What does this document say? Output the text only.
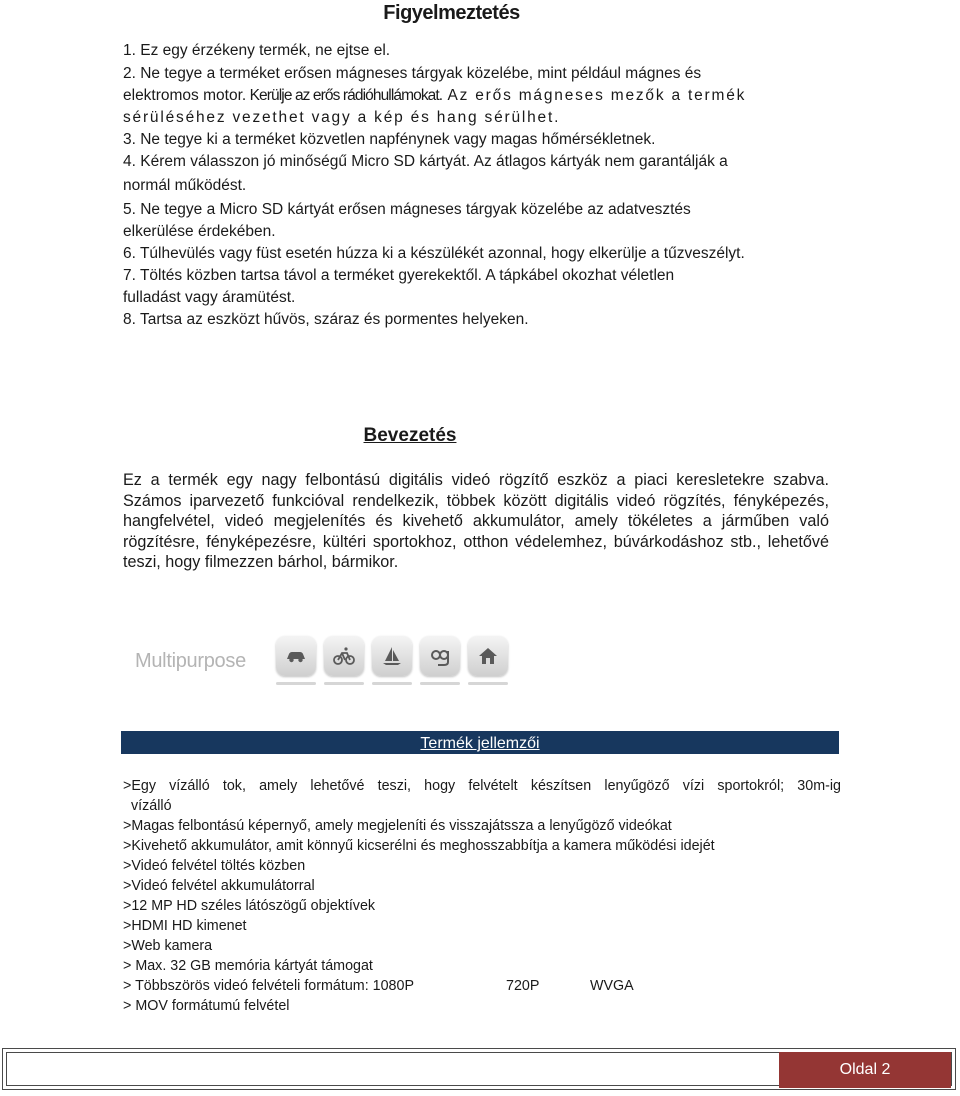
Figyelmeztetés

1. Ez egy érzékeny termék, ne ejtse el.

2. Ne tegye a terméket erősen mágneses tárgyak közelébe, mint például mágnes és

elektromos motor. Kerülje az erős rádióhullámokat. Az erős mágneses mezők a termék

sérüléséhez vezethet vagy a kép és hang sérülhet.

3. Ne tegye ki a terméket közvetlen napfénynek vagy magas hőmérsékletnek.

4. Kérem válasszon jó minőségű Micro SD kártyát. Az átlagos kártyák nem garantálják a

normál működést.

5. Ne tegye a Micro SD kártyát erősen mágneses tárgyak közelébe az adatvesztés

elkerülése érdekében.

6. Túlhevülés vagy füst esetén húzza ki a készülékét azonnal, hogy elkerülje a tűzveszélyt.

7. Töltés közben tartsa távol a terméket gyerekektől. A tápkábel okozhat véletlen

fulladást vagy áramütést.

8. Tartsa az eszközt hűvös, száraz és pormentes helyeken.

Bevezetés

Ez a termék egy nagy felbontású digitális videó rögzítő eszköz a piaci keresletekre szabva. Számos iparvezető funkcióval rendelkezik, többek között digitális videó rögzítés, fényképezés, hangfelvétel, videó megjelenítés és kivehető akkumulátor, amely tökéletes a járműben való rögzítésre, fényképezésre, kültéri sportokhoz, otthon védelemhez, búvárkodáshoz stb., lehetővé teszi, hogy filmezzen bárhol, bármikor.

Multipurpose
Termék jellemzői
>Egy vízálló tok, amely lehetővé teszi, hogy felvételt készítsen lenyűgöző vízi sportokról; 30m-ig
vízálló
>Magas felbontású képernyő, amely megjeleníti és visszajátssza a lenyűgöző videókat
>Kivehető akkumulátor, amit könnyű kicserélni és meghosszabbítja a kamera működési idejét
>Videó felvétel töltés közben
>Videó felvétel akkumulátorral
>12 MP HD széles látószögű objektívek
>HDMI HD kimenet
>Web kamera
> Max. 32 GB memória kártyát támogat
> Többszörös videó felvételi formátum: 1080P	720P	WVGA
> MOV formátumú felvétel
Oldal 2
